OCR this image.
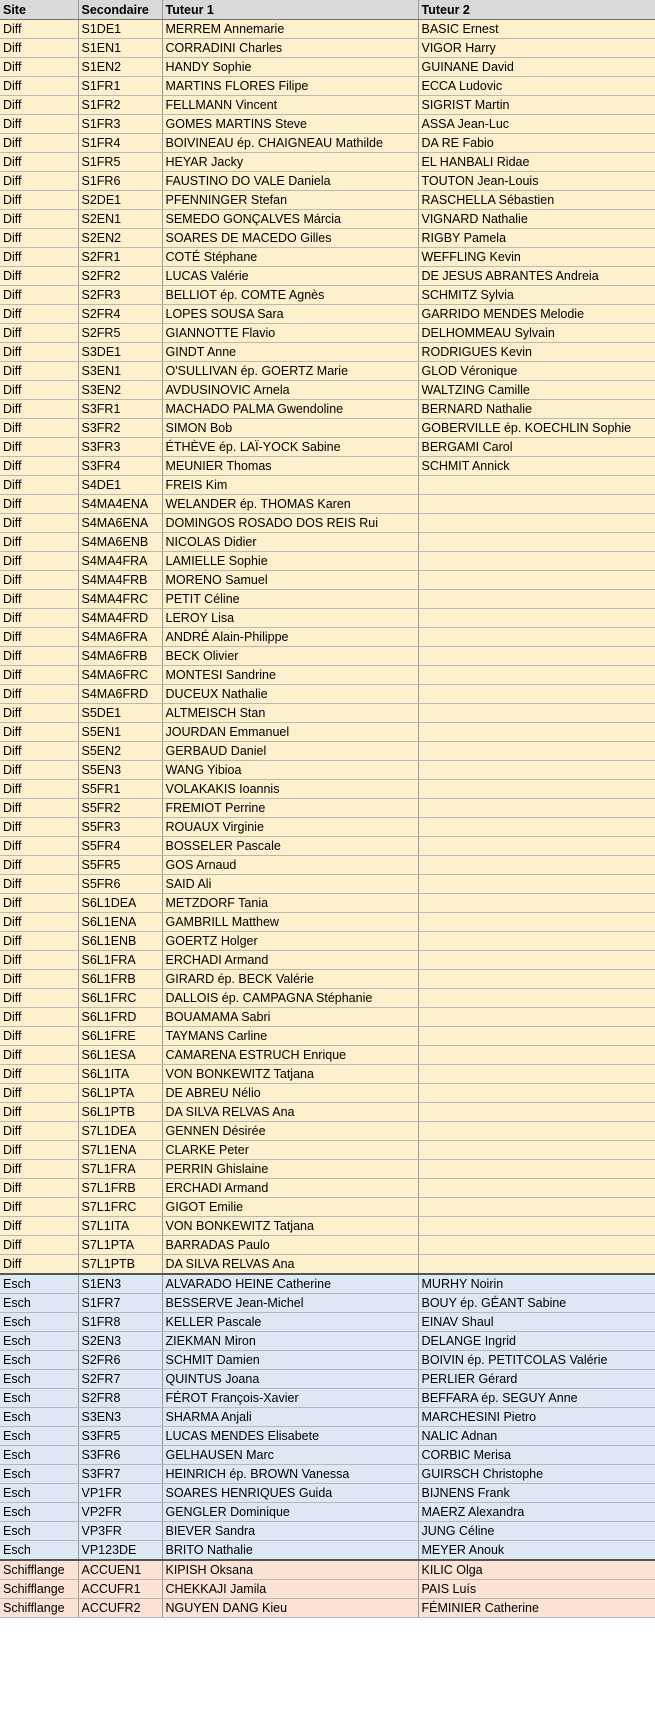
Site	Secondaire	Tuteur 1	Tuteur 2
Diff	S1DE1	MERREM Annemarie	BASIC Ernest
Diff	S1EN1	CORRADINI Charles	VIGOR Harry
Diff	S1EN2	HANDY Sophie	GUINANE David
Diff	S1FR1	MARTINS FLORES Filipe	ECCA Ludovic
Diff	S1FR2	FELLMANN Vincent	SIGRIST Martin
Diff	S1FR3	GOMES MARTINS Steve	ASSA Jean-Luc
Diff	S1FR4	BOIVINEAU ép. CHAIGNEAU Mathilde	DA RE Fabio
Diff	S1FR5	HEYAR Jacky	EL HANBALI Ridae
Diff	S1FR6	FAUSTINO DO VALE Daniela	TOUTON Jean-Louis
Diff	S2DE1	PFENNINGER Stefan	RASCHELLA Sébastien
Diff	S2EN1	SEMEDO GONÇALVES Márcia	VIGNARD Nathalie
Diff	S2EN2	SOARES DE MACEDO Gilles	RIGBY Pamela
Diff	S2FR1	COTÉ Stéphane	WEFFLING Kevin
Diff	S2FR2	LUCAS Valérie	DE JESUS ABRANTES Andreia
Diff	S2FR3	BELLIOT ép. COMTE Agnès	SCHMITZ Sylvia
Diff	S2FR4	LOPES SOUSA Sara	GARRIDO MENDES Melodie
Diff	S2FR5	GIANNOTTE Flavio	DELHOMMEAU Sylvain
Diff	S3DE1	GINDT Anne	RODRIGUES Kevin
Diff	S3EN1	O'SULLIVAN ép. GOERTZ Marie	GLOD Véronique
Diff	S3EN2	AVDUSINOVIC Arnela	WALTZING Camille
Diff	S3FR1	MACHADO PALMA Gwendoline	BERNARD Nathalie
Diff	S3FR2	SIMON Bob	GOBERVILLE ép. KOECHLIN Sophie
Diff	S3FR3	ÉTHÈVE ép. LAÏ-YOCK Sabine	BERGAMI Carol
Diff	S3FR4	MEUNIER Thomas	SCHMIT Annick
Diff	S4DE1	FREIS Kim	
Diff	S4MA4ENA	WELANDER ép. THOMAS Karen	
Diff	S4MA6ENA	DOMINGOS ROSADO DOS REIS Rui	
Diff	S4MA6ENB	NICOLAS Didier	
Diff	S4MA4FRA	LAMIELLE Sophie	
Diff	S4MA4FRB	MORENO Samuel	
Diff	S4MA4FRC	PETIT Céline	
Diff	S4MA4FRD	LEROY Lisa	
Diff	S4MA6FRA	ANDRÉ Alain-Philippe	
Diff	S4MA6FRB	BECK Olivier	
Diff	S4MA6FRC	MONTESI Sandrine	
Diff	S4MA6FRD	DUCEUX Nathalie	
Diff	S5DE1	ALTMEISCH Stan	
Diff	S5EN1	JOURDAN Emmanuel	
Diff	S5EN2	GERBAUD Daniel	
Diff	S5EN3	WANG Yibioa	
Diff	S5FR1	VOLAKAKIS Ioannis	
Diff	S5FR2	FREMIOT Perrine	
Diff	S5FR3	ROUAUX Virginie	
Diff	S5FR4	BOSSELER Pascale	
Diff	S5FR5	GOS Arnaud	
Diff	S5FR6	SAID Ali	
Diff	S6L1DEA	METZDORF Tania	
Diff	S6L1ENA	GAMBRILL Matthew	
Diff	S6L1ENB	GOERTZ Holger	
Diff	S6L1FRA	ERCHADI Armand	
Diff	S6L1FRB	GIRARD ép. BECK Valérie	
Diff	S6L1FRC	DALLOIS ép. CAMPAGNA Stéphanie	
Diff	S6L1FRD	BOUAMAMA Sabri	
Diff	S6L1FRE	TAYMANS Carline	
Diff	S6L1ESA	CAMARENA ESTRUCH Enrique	
Diff	S6L1ITA	VON BONKEWITZ Tatjana	
Diff	S6L1PTA	DE ABREU Nélio	
Diff	S6L1PTB	DA SILVA RELVAS Ana	
Diff	S7L1DEA	GENNEN Désirée	
Diff	S7L1ENA	CLARKE Peter	
Diff	S7L1FRA	PERRIN Ghislaine	
Diff	S7L1FRB	ERCHADI Armand	
Diff	S7L1FRC	GIGOT Emilie	
Diff	S7L1ITA	VON BONKEWITZ Tatjana	
Diff	S7L1PTA	BARRADAS Paulo	
Diff	S7L1PTB	DA SILVA RELVAS Ana	
Esch	S1EN3	ALVARADO HEINE Catherine	MURHY Noirin
Esch	S1FR7	BESSERVE Jean-Michel	BOUY ép. GÉANT Sabine
Esch	S1FR8	KELLER Pascale	EINAV Shaul
Esch	S2EN3	ZIEKMAN Miron	DELANGE Ingrid
Esch	S2FR6	SCHMIT Damien	BOIVIN ép. PETITCOLAS Valérie
Esch	S2FR7	QUINTUS Joana	PERLIER Gérard
Esch	S2FR8	FÉROT François-Xavier	BEFFARA ép. SEGUY Anne
Esch	S3EN3	SHARMA Anjali	MARCHESINI Pietro
Esch	S3FR5	LUCAS MENDES Elisabete	NALIC Adnan
Esch	S3FR6	GELHAUSEN Marc	CORBIC Merisa
Esch	S3FR7	HEINRICH ép. BROWN Vanessa	GUIRSCH Christophe
Esch	VP1FR	SOARES HENRIQUES Guida	BIJNENS Frank
Esch	VP2FR	GENGLER Dominique	MAERZ Alexandra
Esch	VP3FR	BIEVER Sandra	JUNG Céline
Esch	VP123DE	BRITO Nathalie	MEYER Anouk
Schifflange	ACCUEN1	KIPISH Oksana	KILIC Olga
Schifflange	ACCUFR1	CHEKKAJI Jamila	PAIS Luís
Schifflange	ACCUFR2	NGUYEN DANG Kieu	FÉMINIER Catherine
